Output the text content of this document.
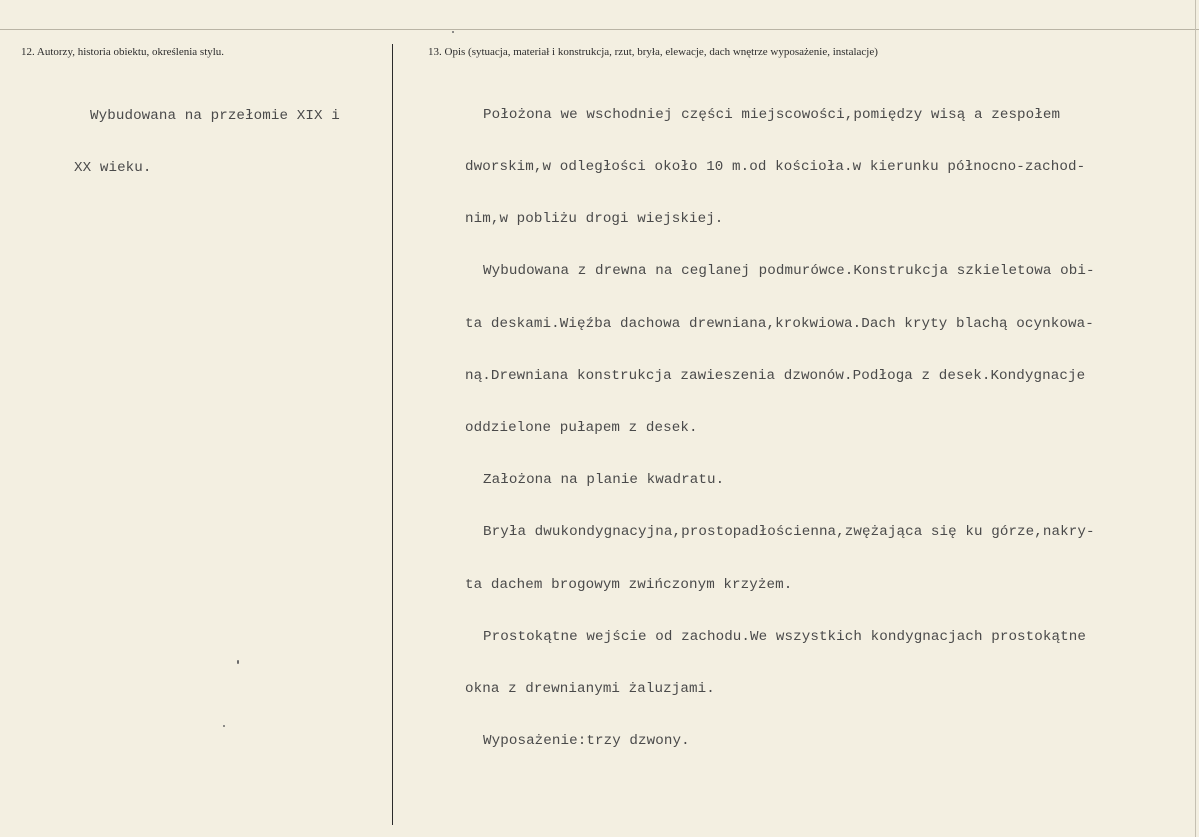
12. Autorzy, historia obiektu, określenia stylu.	13. Opis (sytuacja, materiał i konstrukcja, rzut, bryła, elewacje, dach wnętrze wyposażenie, instalacje)

Wybudowana na przełomie XIX i

XX wieku.

Położona we wschodniej części miejscowości,pomiędzy wisą a zespołem

dworskim,w odległości około 10 m.od kościoła.w kierunku północno-zachod-

nim,w pobliżu drogi wiejskiej.

Wybudowana z drewna na ceglanej podmurówce.Konstrukcja szkieletowa obi-

ta deskami.Więźba dachowa drewniana,krokwiowa.Dach kryty blachą ocynkowa-

ną.Drewniana konstrukcja zawieszenia dzwonów.Podłoga z desek.Kondygnacje

oddzielone pułapem z desek.

Założona na planie kwadratu.

Bryła dwukondygnacyjna,prostopadłościenna,zwężająca się ku górze,nakry-

ta dachem brogowym zwińczonym krzyżem.

Prostokątne wejście od zachodu.We wszystkich kondygnacjach prostokątne

okna z drewnianymi żaluzjami.

Wyposażenie:trzy dzwony.
